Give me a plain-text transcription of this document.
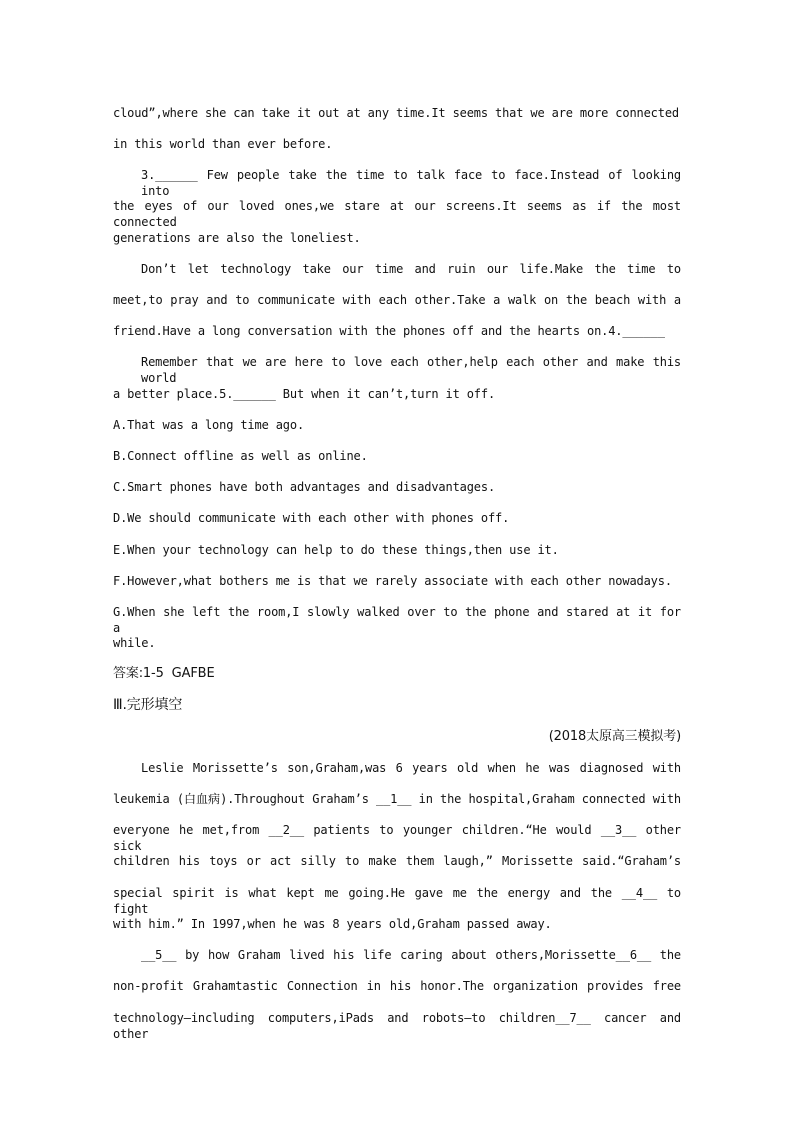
cloud”,where she can take it out at any time.It seems that we are more connected
in this world than ever before.
3.______ Few people take the time to talk face to face.Instead of looking into
the eyes of our loved ones,we stare at our screens.It seems as if the most connected
generations are also the loneliest.
Don’t let technology take our time and ruin our life.Make the time to
meet,to pray and to communicate with each other.Take a walk on the beach with a
friend.Have a long conversation with the phones off and the hearts on.4.______
Remember that we are here to love each other,help each other and make this world
a better place.5.______ But when it can’t,turn it off.
A.That was a long time ago.
B.Connect offline as well as online.
C.Smart phones have both advantages and disadvantages.
D.We should communicate with each other with phones off.
E.When your technology can help to do these things,then use it.
F.However,what bothers me is that we rarely associate with each other nowadays.
G.When she left the room,I slowly walked over to the phone and stared at it for a
while.
答案:1-5  GAFBE
Ⅲ.完形填空
(2018太原高三模拟考)
Leslie Morissette’s son,Graham,was 6 years old when he was diagnosed with
leukemia (白血病).Throughout Graham’s __1__ in the hospital,Graham connected with
everyone he met,from __2__ patients to younger children.“He would __3__ other sick
children his toys or act silly to make them laugh,” Morissette said.“Graham’s
special spirit is what kept me going.He gave me the energy and the __4__ to fight
with him.” In 1997,when he was 8 years old,Graham passed away.
__5__ by how Graham lived his life caring about others,Morissette__6__ the
non-profit Grahamtastic Connection in his honor.The organization provides free
technology—including computers,iPads and robots—to children__7__ cancer and other
